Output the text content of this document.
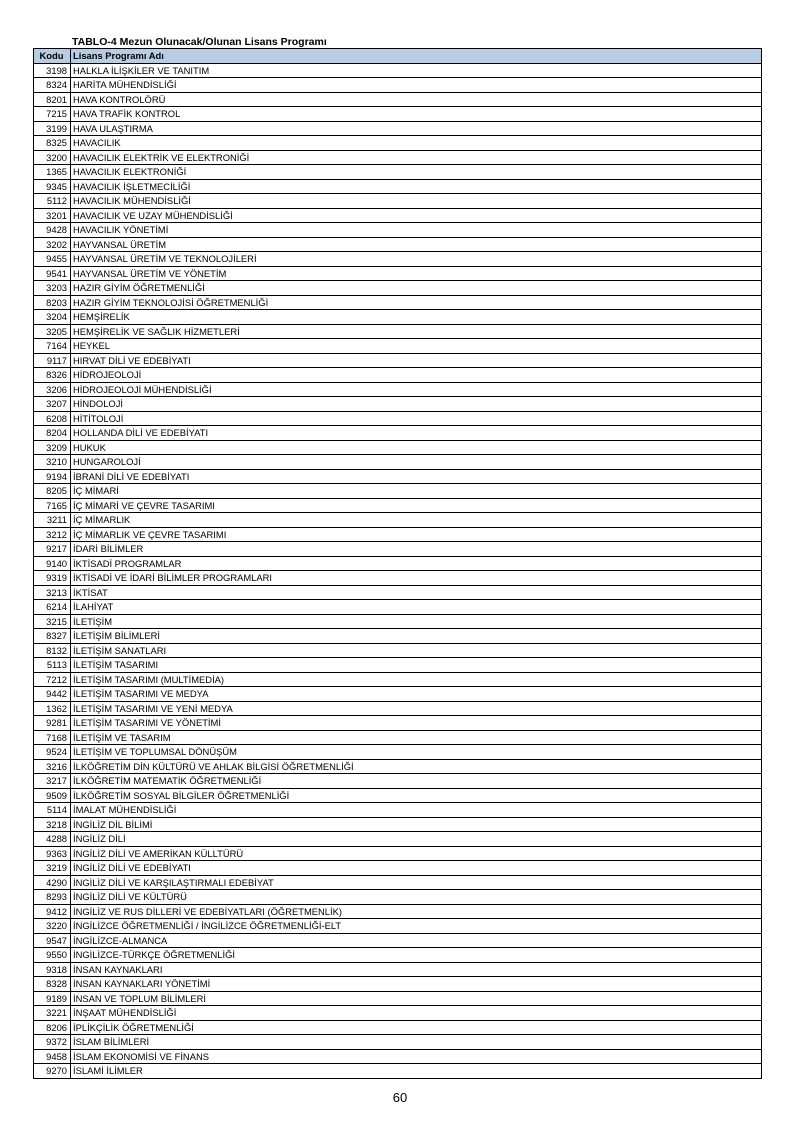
TABLO-4 Mezun Olunacak/Olunan Lisans Programı
Kodu	Lisans Programı Adı
3198	HALKLA İLİŞKİLER VE TANITIM
8324	HARİTA MÜHENDİSLİĞİ
8201	HAVA KONTROLÖRÜ
7215	HAVA TRAFİK KONTROL
3199	HAVA ULAŞTIRMA
8325	HAVACILIK
3200	HAVACILIK ELEKTRİK VE ELEKTRONİĞİ
1365	HAVACILIK ELEKTRONİĞİ
9345	HAVACILIK İŞLETMECİLİĞİ
5112	HAVACILIK MÜHENDİSLİĞİ
3201	HAVACILIK VE UZAY MÜHENDİSLİĞİ
9428	HAVACILIK YÖNETİMİ
3202	HAYVANSAL ÜRETİM
9455	HAYVANSAL ÜRETİM VE TEKNOLOJİLERİ
9541	HAYVANSAL ÜRETİM VE YÖNETİM
3203	HAZIR GİYİM ÖĞRETMENLİĞİ
8203	HAZIR GİYİM TEKNOLOJİSİ ÖĞRETMENLİĞİ
3204	HEMŞİRELİK
3205	HEMŞİRELİK VE SAĞLIK HİZMETLERİ
7164	HEYKEL
9117	HIRVAT DİLİ VE EDEBİYATI
8326	HİDROJEOLOJİ
3206	HİDROJEOLOJİ MÜHENDİSLİĞİ
3207	HİNDOLOJİ
6208	HİTİTOLOJİ
8204	HOLLANDA DİLİ VE EDEBİYATI
3209	HUKUK
3210	HUNGAROLOJİ
9194	İBRANİ DİLİ VE EDEBİYATI
8205	İÇ MİMARİ
7165	İÇ MİMARİ VE ÇEVRE TASARIMI
3211	İÇ MİMARLIK
3212	İÇ MİMARLIK VE ÇEVRE TASARIMI
9217	İDARİ BİLİMLER
9140	İKTİSADİ PROGRAMLAR
9319	İKTİSADİ VE İDARİ BİLİMLER PROGRAMLARI
3213	İKTİSAT
6214	İLAHİYAT
3215	İLETİŞİM
8327	İLETİŞİM BİLİMLERİ
8132	İLETİŞİM SANATLARI
5113	İLETİŞİM TASARIMI
7212	İLETİŞİM TASARIMI (MULTİMEDİA)
9442	İLETİŞİM TASARIMI VE MEDYA
1362	İLETİŞİM TASARIMI VE YENİ MEDYA
9281	İLETİŞİM TASARIMI VE YÖNETİMİ
7168	İLETİŞİM VE TASARIM
9524	İLETİŞİM VE TOPLUMSAL DÖNÜŞÜM
3216	İLKÖĞRETİM DİN KÜLTÜRÜ VE AHLAK BİLGİSİ ÖĞRETMENLİĞİ
3217	İLKÖĞRETİM MATEMATİK ÖĞRETMENLİĞİ
9509	İLKÖĞRETİM SOSYAL BİLGİLER ÖĞRETMENLİĞİ
5114	İMALAT MÜHENDİSLİĞİ
3218	İNGİLİZ DİL BİLİMİ
4288	İNGİLİZ DİLİ
9363	İNGİLİZ DİLİ VE AMERİKAN KÜLLTÜRÜ
3219	İNGİLİZ DİLİ VE EDEBİYATI
4290	İNGİLİZ DİLİ VE KARŞILAŞTIRMALI EDEBİYAT
8293	İNGİLİZ DİLİ VE KÜLTÜRÜ
9412	İNGİLİZ VE RUS DİLLERİ VE EDEBİYATLARI (ÖĞRETMENLİK)
3220	İNGİLİZCE ÖĞRETMENLİĞİ / İNGİLİZCE ÖĞRETMENLİĞİ-ELT
9547	İNGİLİZCE-ALMANCA
9550	İNGİLİZCE-TÜRKÇE ÖĞRETMENLİĞİ
9318	İNSAN KAYNAKLARI
8328	İNSAN KAYNAKLARI YÖNETİMİ
9189	İNSAN VE TOPLUM BİLİMLERİ
3221	İNŞAAT MÜHENDİSLİĞİ
8206	İPLİKÇİLİK ÖĞRETMENLİĞİ
9372	İSLAM BİLİMLERİ
9458	İSLAM EKONOMİSİ VE FİNANS
9270	İSLAMİ İLİMLER
60
